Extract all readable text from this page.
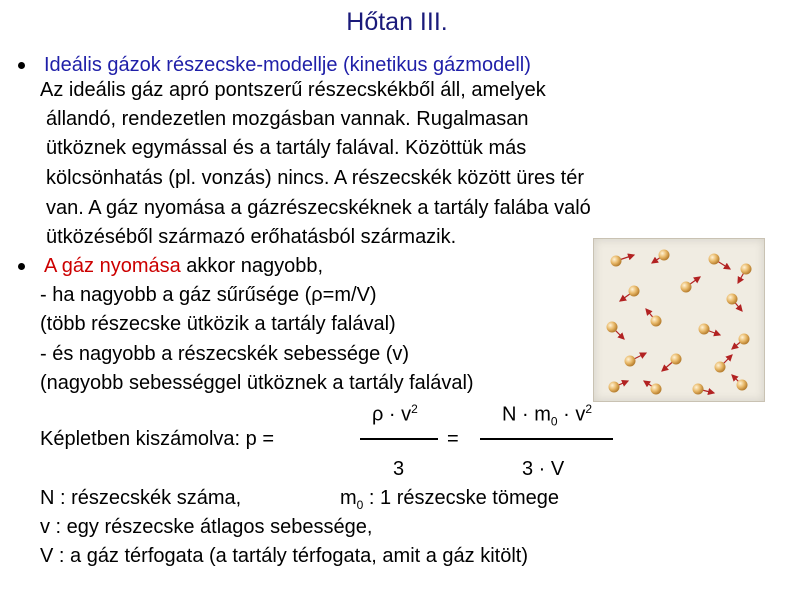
Hőtan III.
Ideális gázok részecske-modellje (kinetikus gázmodell)
Az ideális gáz apró pontszerű részecskékből áll, amelyek
állandó, rendezetlen mozgásban vannak. Rugalmasan
ütköznek egymással és a tartály falával. Közöttük más
kölcsönhatás (pl. vonzás) nincs. A részecskék között üres tér
van. A gáz nyomása a gázrészecskéknek a tartály falába való
ütközéséből származó erőhatásból származik.
A gáz nyomása akkor nagyobb,
- ha nagyobb a gáz sűrűsége (ρ=m/V)
(több részecske ütközik a tartály falával)
- és nagyobb a részecskék sebessége (v)
(nagyobb sebességgel ütköznek a tartály falával)
$\rho \cdot v^2$	$N \cdot m_0 \cdot v^2$
Képletben kiszámolva: p =	=
3	3 · V
N : részecskék száma,	$m_0$ : 1 részecske tömege
v : egy részecske átlagos sebessége,
V : a gáz térfogata (a tartály térfogata, amit a gáz kitölt)
